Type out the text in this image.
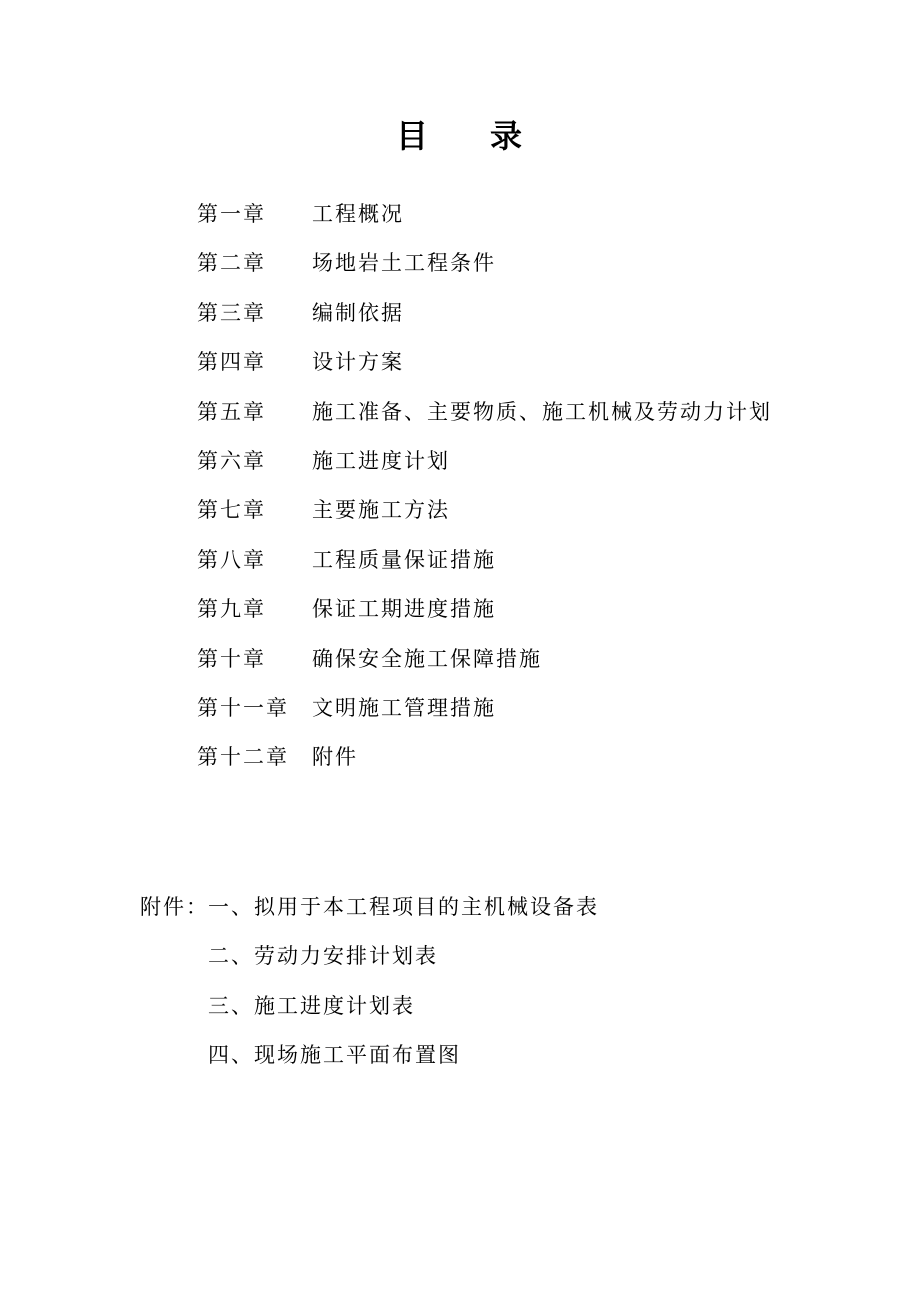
目 录
第一章 工程概况
第二章 场地岩土工程条件
第三章 编制依据
第四章 设计方案
第五章 施工准备、主要物质、施工机械及劳动力计划
第六章 施工进度计划
第七章 主要施工方法
第八章 工程质量保证措施
第九章 保证工期进度措施
第十章 确保安全施工保障措施
第十一章 文明施工管理措施
第十二章 附件
附件： 一、拟用于本工程项目的主机械设备表
二、劳动力安排计划表
三、施工进度计划表
四、现场施工平面布置图
